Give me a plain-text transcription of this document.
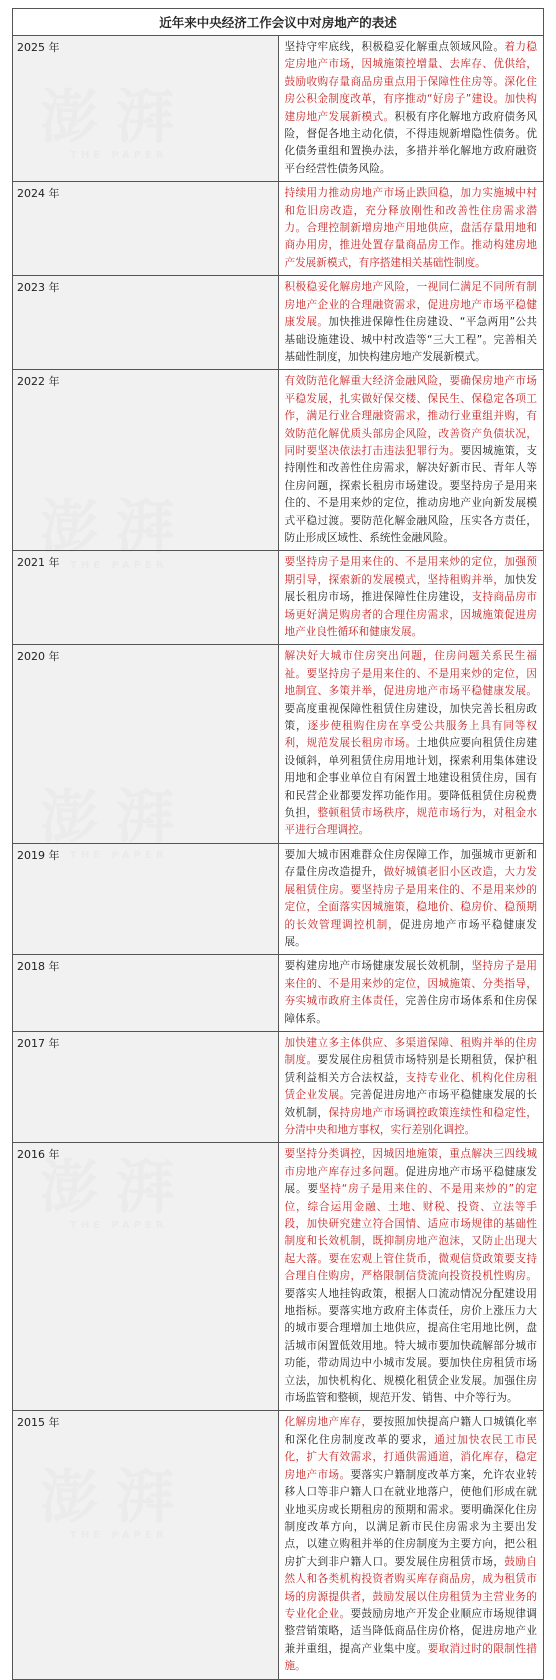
近年来中央经济工作会议中对房地产的表述	
2025 年	坚持守牢底线，积极稳妥化解重点领域风险。着力稳定房地产市场，因城施策控增量、去库存、优供给，鼓励收购存量商品房重点用于保障性住房等。深化住房公积金制度改革，有序推动“好房子”建设。加快构建房地产发展新模式。积极有序化解地方政府债务风险，督促各地主动化债，不得违规新增隐性债务。优化债务重组和置换办法，多措并举化解地方政府融资平台经营性债务风险。
2024 年	持续用力推动房地产市场止跌回稳，加力实施城中村和危旧房改造，充分释放刚性和改善性住房需求潜力。合理控制新增房地产用地供应，盘活存量用地和商办用房，推进处置存量商品房工作。推动构建房地产发展新模式，有序搭建相关基础性制度。
2023 年	积极稳妥化解房地产风险，一视同仁满足不同所有制房地产企业的合理融资需求，促进房地产市场平稳健康发展。加快推进保障性住房建设、“平急两用”公共基础设施建设、城中村改造等“三大工程”。完善相关基础性制度，加快构建房地产发展新模式。
2022 年	有效防范化解重大经济金融风险，要确保房地产市场平稳发展，扎实做好保交楼、保民生、保稳定各项工作，满足行业合理融资需求，推动行业重组并购，有效防范化解优质头部房企风险，改善资产负债状况，同时要坚决依法打击违法犯罪行为。要因城施策，支持刚性和改善性住房需求，解决好新市民、青年人等住房问题，探索长租房市场建设。要坚持房子是用来住的、不是用来炒的定位，推动房地产业向新发展模式平稳过渡。要防范化解金融风险，压实各方责任，防止形成区域性、系统性金融风险。
2021 年	要坚持房子是用来住的、不是用来炒的定位，加强预期引导，探索新的发展模式，坚持租购并举，加快发展长租房市场，推进保障性住房建设，支持商品房市场更好满足购房者的合理住房需求，因城施策促进房地产业良性循环和健康发展。
2020 年	解决好大城市住房突出问题，住房问题关系民生福祉。要坚持房子是用来住的、不是用来炒的定位，因地制宜、多策并举，促进房地产市场平稳健康发展。要高度重视保障性租赁住房建设，加快完善长租房政策，逐步使租购住房在享受公共服务上具有同等权利，规范发展长租房市场。土地供应要向租赁住房建设倾斜，单列租赁住房用地计划，探索利用集体建设用地和企事业单位自有闲置土地建设租赁住房，国有和民营企业都要发挥功能作用。要降低租赁住房税费负担，整顿租赁市场秩序，规范市场行为，对租金水平进行合理调控。
2019 年	要加大城市困难群众住房保障工作，加强城市更新和存量住房改造提升，做好城镇老旧小区改造，大力发展租赁住房。要坚持房子是用来住的、不是用来炒的定位，全面落实因城施策，稳地价、稳房价、稳预期的长效管理调控机制，促进房地产市场平稳健康发展。
2018 年	要构建房地产市场健康发展长效机制，坚持房子是用来住的、不是用来炒的定位，因城施策、分类指导，夯实城市政府主体责任，完善住房市场体系和住房保障体系。
2017 年	加快建立多主体供应、多渠道保障、租购并举的住房制度。要发展住房租赁市场特别是长期租赁，保护租赁利益相关方合法权益，支持专业化、机构化住房租赁企业发展。完善促进房地产市场平稳健康发展的长效机制，保持房地产市场调控政策连续性和稳定性，分清中央和地方事权，实行差别化调控。
2016 年	要坚持分类调控，因城因地施策，重点解决三四线城市房地产库存过多问题。促进房地产市场平稳健康发展。要坚持“房子是用来住的、不是用来炒的”的定位，综合运用金融、土地、财税、投资、立法等手段，加快研究建立符合国情、适应市场规律的基础性制度和长效机制，既抑制房地产泡沫，又防止出现大起大落。要在宏观上管住货币，微观信贷政策要支持合理自住购房，严格限制信贷流向投资投机性购房。要落实人地挂钩政策，根据人口流动情况分配建设用地指标。要落实地方政府主体责任，房价上涨压力大的城市要合理增加土地供应，提高住宅用地比例，盘活城市闲置低效用地。特大城市要加快疏解部分城市功能，带动周边中小城市发展。要加快住房租赁市场立法，加快机构化、规模化租赁企业发展。加强住房市场监管和整顿，规范开发、销售、中介等行为。
2015 年	化解房地产库存，要按照加快提高户籍人口城镇化率和深化住房制度改革的要求，通过加快农民工市民化，扩大有效需求，打通供需通道，消化库存，稳定房地产市场。要落实户籍制度改革方案，允许农业转移人口等非户籍人口在就业地落户，使他们形成在就业地买房或长期租房的预期和需求。要明确深化住房制度改革方向，以满足新市民住房需求为主要出发点，以建立购租并举的住房制度为主要方向，把公租房扩大到非户籍人口。要发展住房租赁市场，鼓励自然人和各类机构投资者购买库存商品房，成为租赁市场的房源提供者，鼓励发展以住房租赁为主营业务的专业化企业。要鼓励房地产开发企业顺应市场规律调整营销策略，适当降低商品住房价格，促进房地产业兼并重组，提高产业集中度。要取消过时的限制性措施。
